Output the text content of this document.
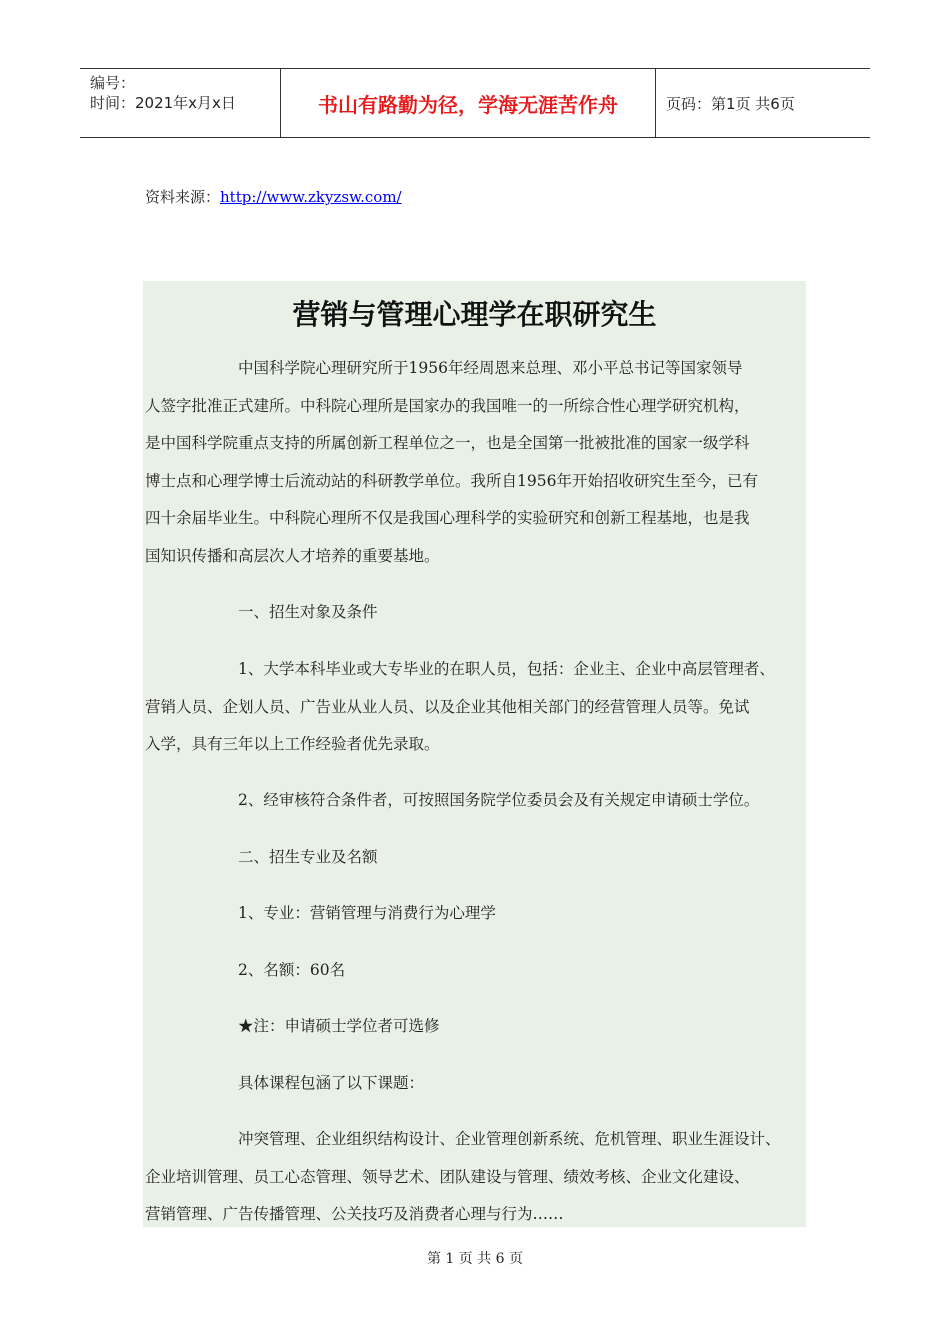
编号：
时间：2021年x月x日	书山有路勤为径，学海无涯苦作舟	页码：第1页 共6页
资料来源：http://www.zkyzsw.com/
营销与管理心理学在职研究生
中国科学院心理研究所于1956年经周恩来总理、邓小平总书记等国家领导
人签字批准正式建所。中科院心理所是国家办的我国唯一的一所综合性心理学研究机构，
是中国科学院重点支持的所属创新工程单位之一，也是全国第一批被批准的国家一级学科
博士点和心理学博士后流动站的科研教学单位。我所自1956年开始招收研究生至今，已有
四十余届毕业生。中科院心理所不仅是我国心理科学的实验研究和创新工程基地，也是我
国知识传播和高层次人才培养的重要基地。
一、招生对象及条件
1、大学本科毕业或大专毕业的在职人员，包括：企业主、企业中高层管理者、
营销人员、企划人员、广告业从业人员、以及企业其他相关部门的经营管理人员等。免试
入学，具有三年以上工作经验者优先录取。
2、经审核符合条件者，可按照国务院学位委员会及有关规定申请硕士学位。
二、招生专业及名额
1、专业：营销管理与消费行为心理学
2、名额：60名
★注：申请硕士学位者可选修
具体课程包涵了以下课题：
冲突管理、企业组织结构设计、企业管理创新系统、危机管理、职业生涯设计、
企业培训管理、员工心态管理、领导艺术、团队建设与管理、绩效考核、企业文化建设、
营销管理、广告传播管理、公关技巧及消费者心理与行为……
第 1 页 共 6 页
